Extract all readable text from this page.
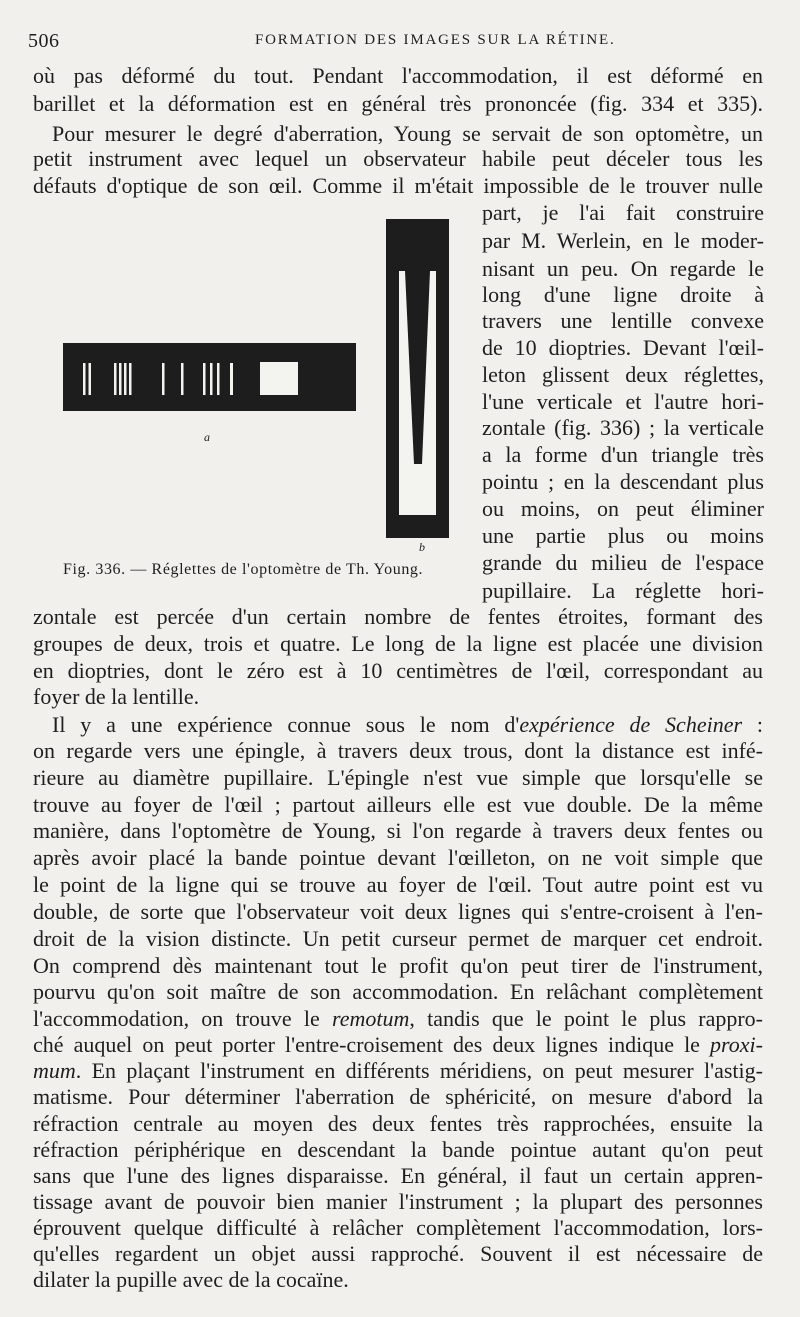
506	FORMATION DES IMAGES SUR LA RÉTINE.
où pas déformé du tout. Pendant l'accommodation, il est déformé en
barillet et la déformation est en général très prononcée (fig. 334 et 335).
Pour mesurer le degré d'aberration, Young se servait de son optomètre, un
petit instrument avec lequel un observateur habile peut déceler tous les
défauts d'optique de son œil. Comme il m'était impossible de le trouver nulle
part, je l'ai fait construire
par M. Werlein, en le moder-
nisant un peu. On regarde le
long d'une ligne droite à
travers une lentille convexe
de 10 dioptries. Devant l'œil-
leton glissent deux réglettes,
l'une verticale et l'autre hori-
zontale (fig. 336) ; la verticale
a la forme d'un triangle très
pointu ; en la descendant plus
ou moins, on peut éliminer
une partie plus ou moins
grande du milieu de l'espace
pupillaire. La réglette hori-
a
b
Fig. 336. — Réglettes de l'optomètre de Th. Young.
zontale est percée d'un certain nombre de fentes étroites, formant des
groupes de deux, trois et quatre. Le long de la ligne est placée une division
en dioptries, dont le zéro est à 10 centimètres de l'œil, correspondant au
foyer de la lentille.
Il y a une expérience connue sous le nom d'expérience de Scheiner :
on regarde vers une épingle, à travers deux trous, dont la distance est infé-
rieure au diamètre pupillaire. L'épingle n'est vue simple que lorsqu'elle se
trouve au foyer de l'œil ; partout ailleurs elle est vue double. De la même
manière, dans l'optomètre de Young, si l'on regarde à travers deux fentes ou
après avoir placé la bande pointue devant l'œilleton, on ne voit simple que
le point de la ligne qui se trouve au foyer de l'œil. Tout autre point est vu
double, de sorte que l'observateur voit deux lignes qui s'entre-croisent à l'en-
droit de la vision distincte. Un petit curseur permet de marquer cet endroit.
On comprend dès maintenant tout le profit qu'on peut tirer de l'instrument,
pourvu qu'on soit maître de son accommodation. En relâchant complètement
l'accommodation, on trouve le remotum, tandis que le point le plus rappro-
ché auquel on peut porter l'entre-croisement des deux lignes indique le proxi-
mum. En plaçant l'instrument en différents méridiens, on peut mesurer l'astig-
matisme. Pour déterminer l'aberration de sphéricité, on mesure d'abord la
réfraction centrale au moyen des deux fentes très rapprochées, ensuite la
réfraction périphérique en descendant la bande pointue autant qu'on peut
sans que l'une des lignes disparaisse. En général, il faut un certain appren-
tissage avant de pouvoir bien manier l'instrument ; la plupart des personnes
éprouvent quelque difficulté à relâcher complètement l'accommodation, lors-
qu'elles regardent un objet aussi rapproché. Souvent il est nécessaire de
dilater la pupille avec de la cocaïne.
